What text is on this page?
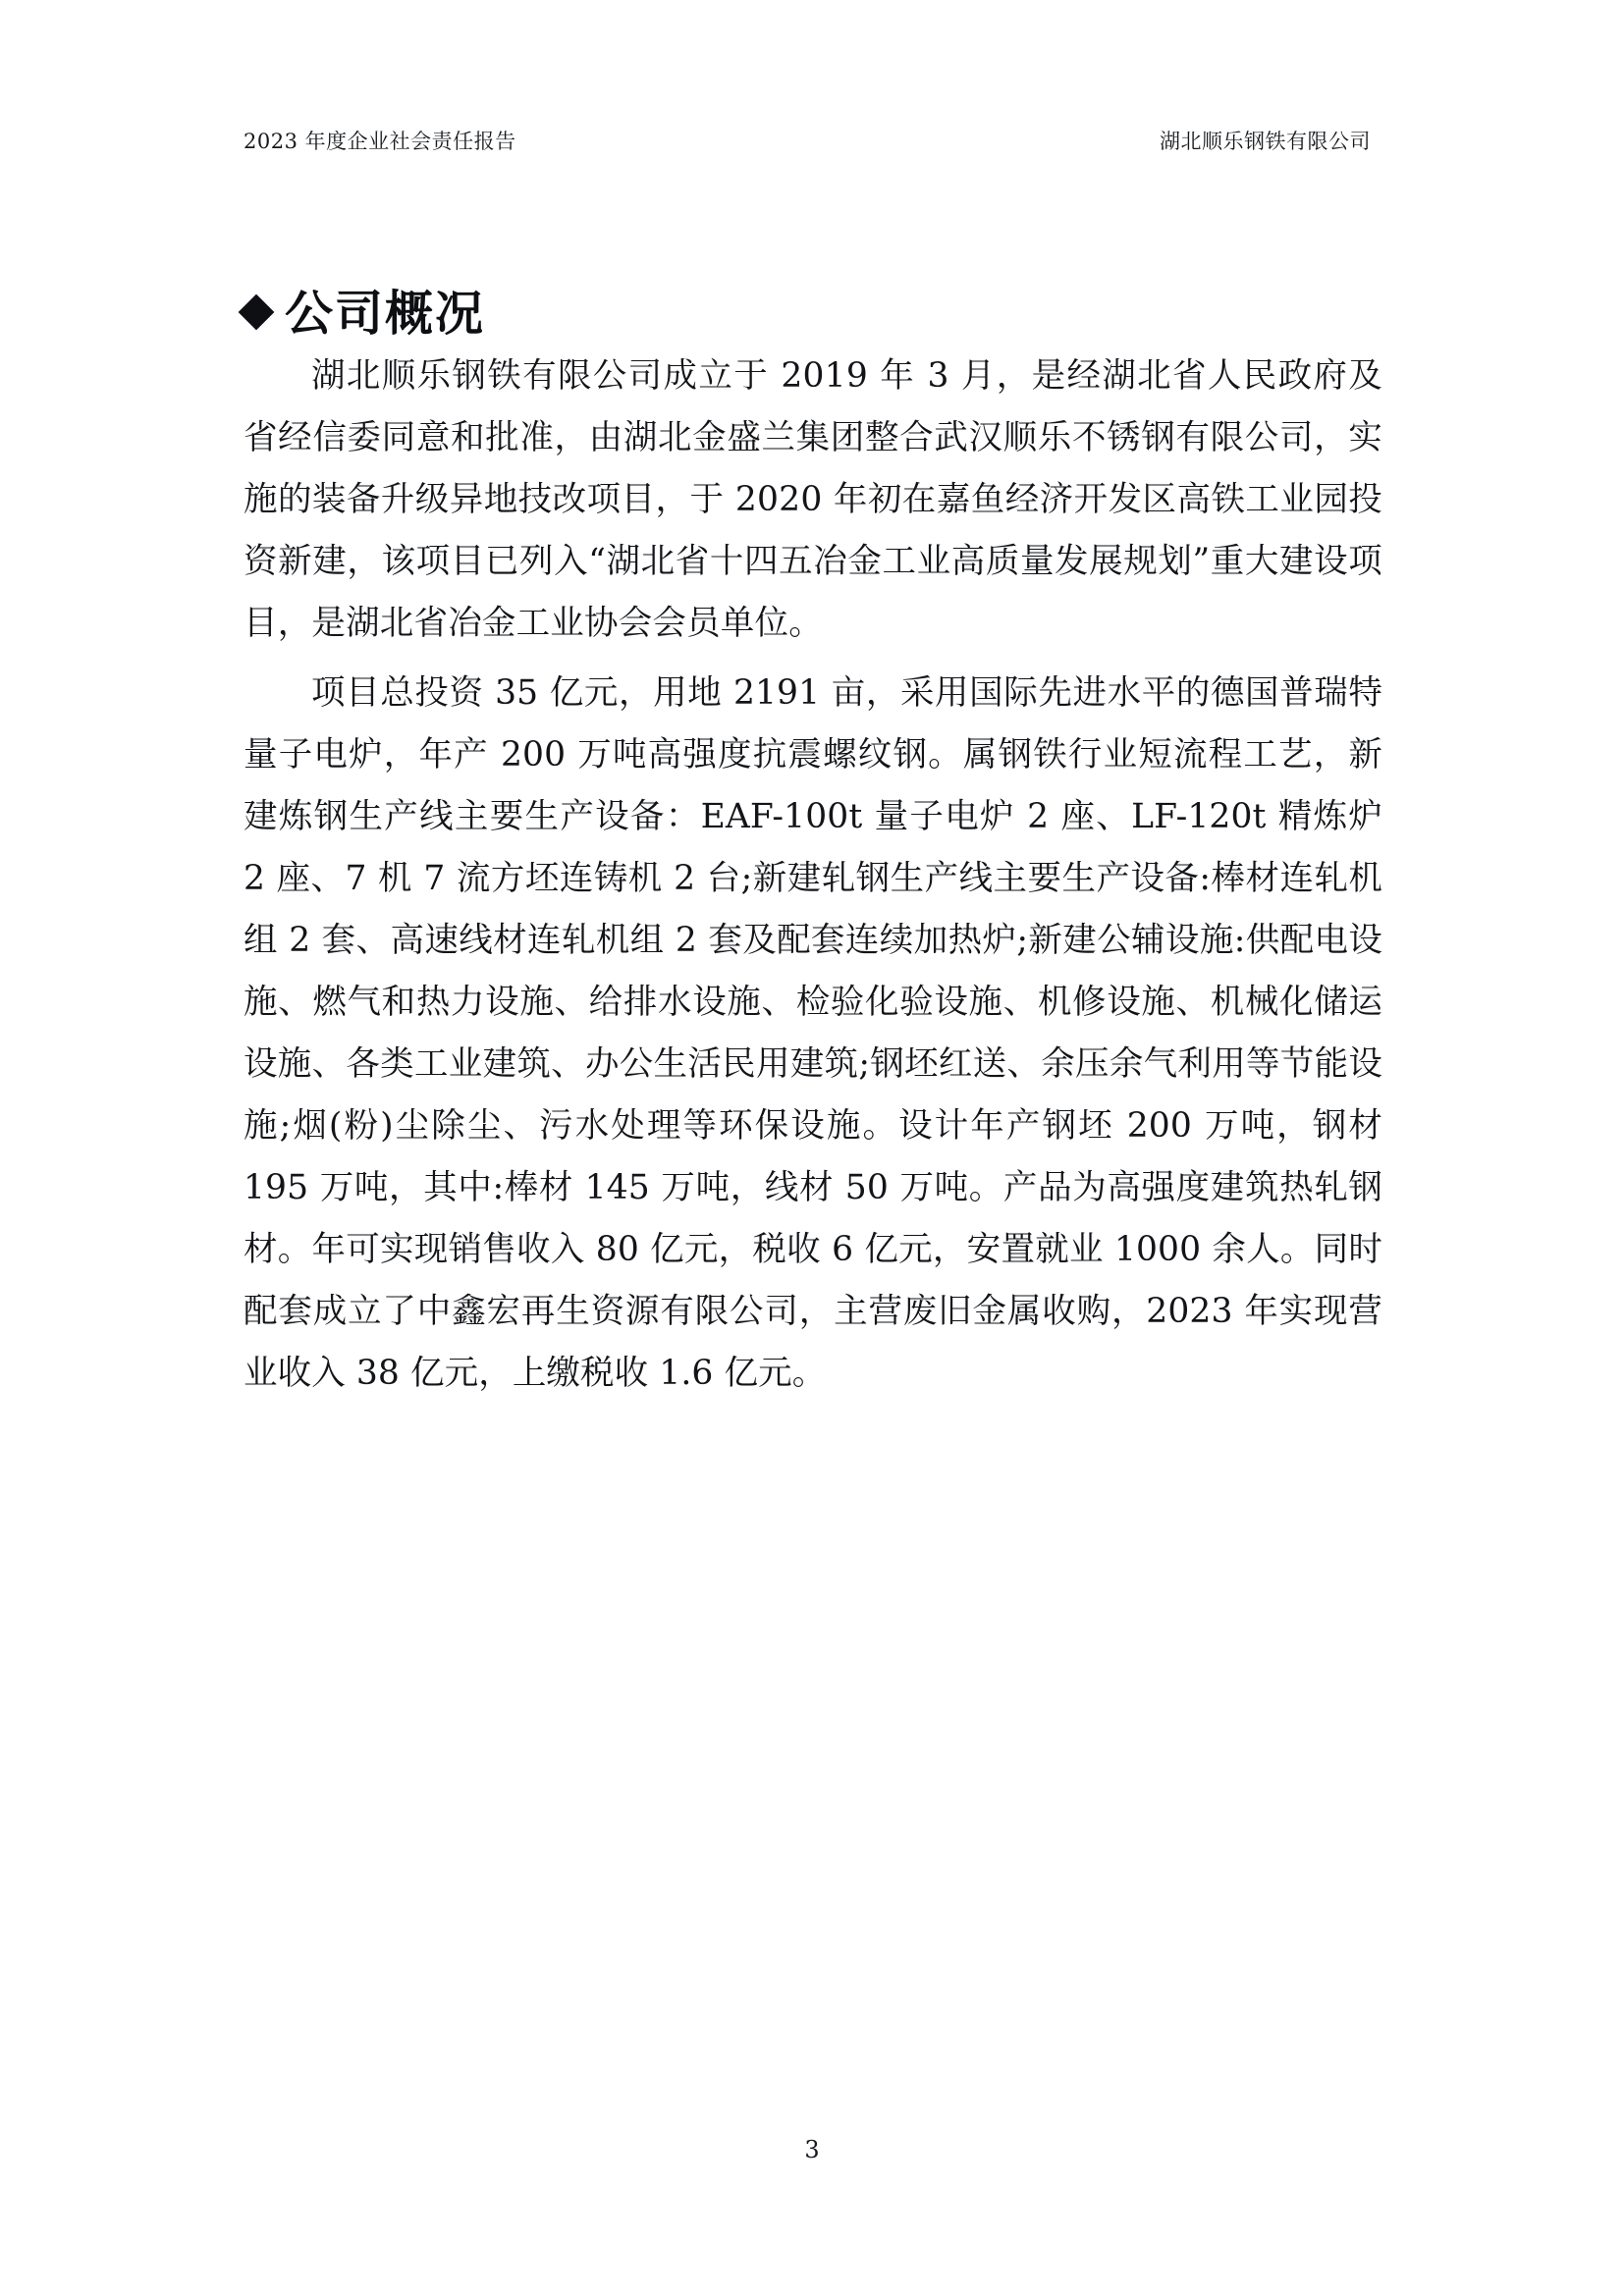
2023 年度企业社会责任报告	湖北顺乐钢铁有限公司
公司概况

湖北顺乐钢铁有限公司成立于 2019 年 3 月，是经湖北省人民政府及省经信委同意和批准，由湖北金盛兰集团整合武汉顺乐不锈钢有限公司，实施的装备升级异地技改项目，于 2020 年初在嘉鱼经济开发区高铁工业园投资新建，该项目已列入“湖北省十四五冶金工业高质量发展规划”重大建设项目，是湖北省冶金工业协会会员单位。

项目总投资 35 亿元，用地 2191 亩，采用国际先进水平的德国普瑞特量子电炉，年产 200 万吨高强度抗震螺纹钢。属钢铁行业短流程工艺，新建炼钢生产线主要生产设备：EAF-100t 量子电炉 2 座、LF-120t 精炼炉 2 座、7 机 7 流方坯连铸机 2 台;新建轧钢生产线主要生产设备:棒材连轧机组 2 套、高速线材连轧机组 2 套及配套连续加热炉;新建公辅设施:供配电设施、燃气和热力设施、给排水设施、检验化验设施、机修设施、机械化储运设施、各类工业建筑、办公生活民用建筑;钢坯红送、余压余气利用等节能设施;烟(粉)尘除尘、污水处理等环保设施。设计年产钢坯 200 万吨，钢材 195 万吨，其中:棒材 145 万吨，线材 50 万吨。产品为高强度建筑热轧钢材。年可实现销售收入 80 亿元，税收 6 亿元，安置就业 1000 余人。同时配套成立了中鑫宏再生资源有限公司，主营废旧金属收购，2023 年实现营业收入 38 亿元，上缴税收 1.6 亿元。

3
